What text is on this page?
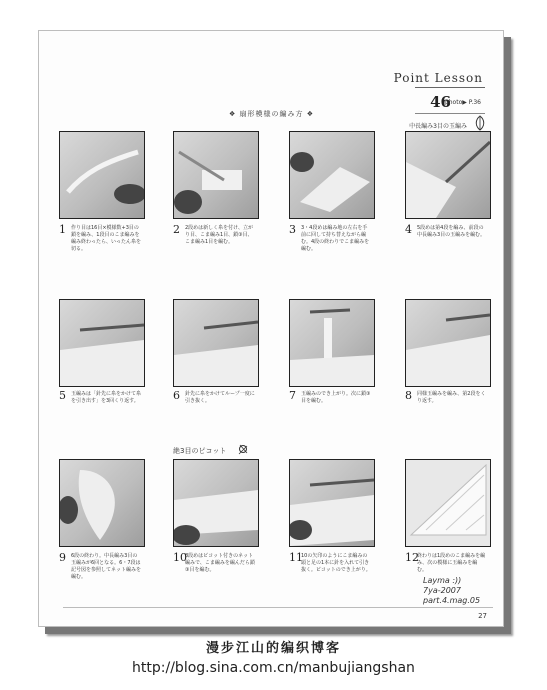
Point Lesson
46
photo▶ P.36
❖ 扇形模様の編み方 ❖
中長編み3目の玉編み
絶3目のピコット
1 作り目は16目×模様数+3目の鎖を編み、1段目のこま編みを編み終わったら、いったん糸を切る。
2 2段めは新しく糸を付け、立がり目、こま編み1目、鎖③目、こま編み1目を編む。
3 3・4段めは編み地の左右を手前に回して持ち替えながら編む。4段の終わりでこま編みを編む。
4 5段めは第4段を編み、前段の中長編み3目の玉編みを編む。
5 玉編みは「針先に糸をかけて糸を引き出す」を3回くり返す。	6 針先に糸をかけてループ一度に引き抜く。	7 玉編みのでき上がり。次に鎖③目を編む。	8 同様玉編みを編み、第2段をくり返す。
9 6段の終わり。中長編み3目の玉編みが6回となる。6・7段は記号図を参照してネット編みを編む。
10
8段めはピコット付きのネット編みで、こま編みを編んだら鎖③目を編む。
11
10の矢印のようにこま編みの頭と足の1本に針を入れて引き抜く。ピコットのでき上がり。
12
終わりは1段めのこま編みを編み、次の模様に玉編みを編む。
Layma :))
7ya-2007
part.4.mag.05
27
漫步江山的编织博客
http://blog.sina.com.cn/manbujiangshan
